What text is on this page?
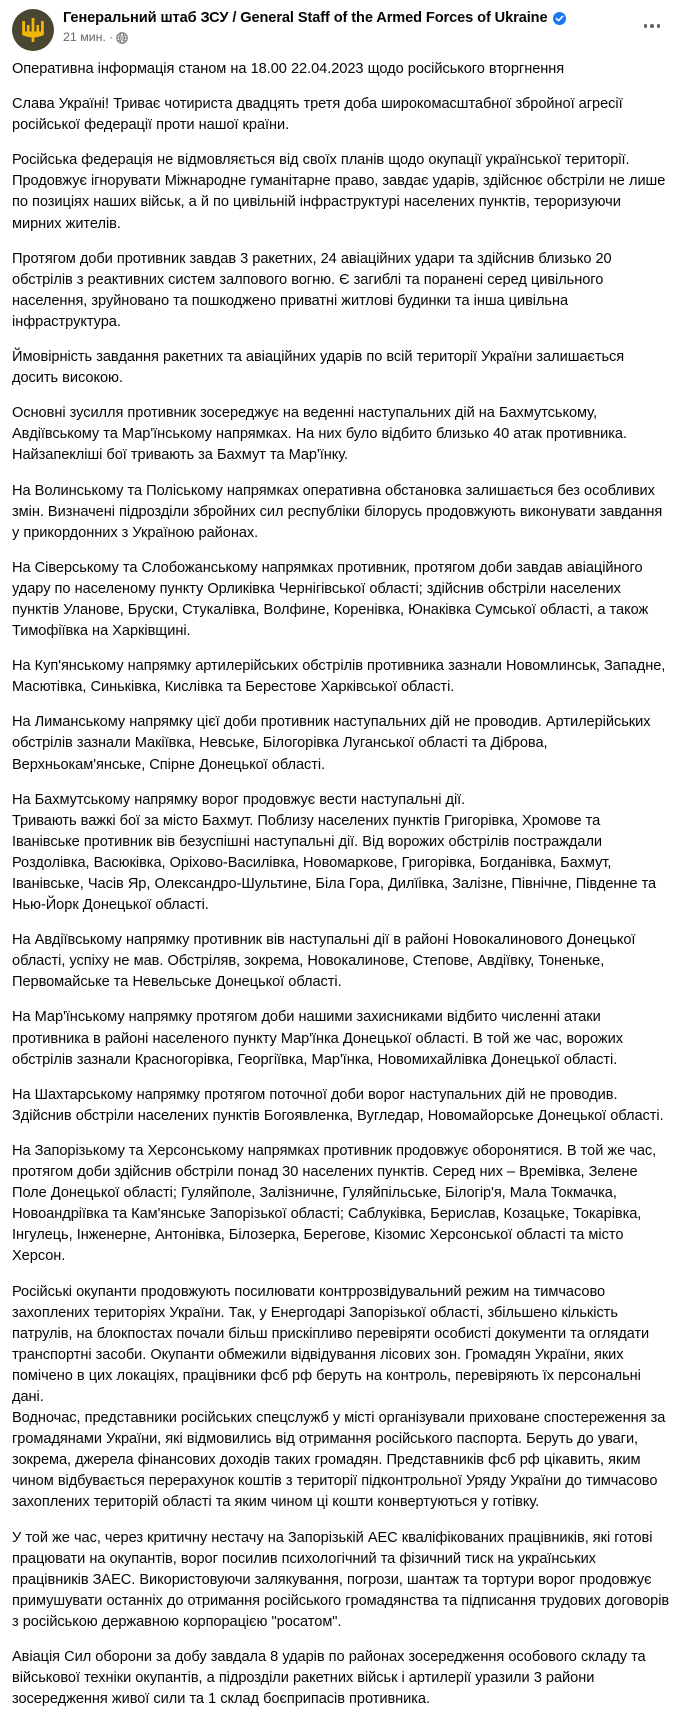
Генеральний штаб ЗСУ / General Staff of the Armed Forces of Ukraine
21 мин. ·

Оперативна інформація станом на 18.00 22.04.2023 щодо російського вторгнення

Слава Україні! Триває чотириста двадцять третя доба широкомасштабної збройної агресії російської федерації проти нашої країни.

Російська федерація не відмовляється від своїх планів щодо окупації української території. Продовжує ігнорувати Міжнародне гуманітарне право, завдає ударів, здійснює обстріли не лише по позиціях наших військ, а й по цивільній інфраструктурі населених пунктів, тероризуючи мирних жителів.

Протягом доби противник завдав 3 ракетних, 24 авіаційних удари та здійснив близько 20 обстрілів з реактивних систем залпового вогню. Є загиблі та поранені серед цивільного населення, зруйновано та пошкоджено приватні житлові будинки та інша цивільна інфраструктура.

Ймовірність завдання ракетних та авіаційних ударів по всій території України залишається досить високою.

Основні зусилля противник зосереджує на веденні наступальних дій на Бахмутському, Авдіївському та Мар'їнському напрямках. На них було відбито близько 40 атак противника. Найзапекліші бої тривають за Бахмут та Мар'їнку.

На Волинському та Поліському напрямках оперативна обстановка залишається без особливих змін. Визначені підрозділи збройних сил республіки білорусь продовжують виконувати завдання у прикордонних з Україною районах.

На Сіверському та Слобожанському напрямках противник, протягом доби завдав авіаційного удару по населеному пункту Орликівка Чернігівської області; здійснив обстріли населених пунктів Уланове, Бруски, Стукалівка, Волфине, Коренівка, Юнаківка Сумської області, а також Тимофіївка на Харківщині.

На Куп'янському напрямку артилерійських обстрілів противника зазнали Новомлинськ, Западне, Масютівка, Синьківка, Кислівка та Берестове Харківської області.

На Лиманському напрямку цієї доби противник наступальних дій не проводив. Артилерійських обстрілів зазнали Макіївка, Невське, Білогорівка Луганської області та Діброва, Верхньокам'янське, Спірне Донецької області.

На Бахмутському напрямку ворог продовжує вести наступальні дії.

Тривають важкі бої за місто Бахмут. Поблизу населених пунктів Григорівка, Хромове та Іванівське противник вів безуспішні наступальні дії. Від ворожих обстрілів постраждали Роздолівка, Васюківка, Оріхово-Василівка, Новомаркове, Григорівка, Богданівка, Бахмут, Іванівське, Часів Яр, Олександро-Шультине, Біла Гора, Дилїівка, Залізне, Північне, Південне та Нью-Йорк Донецької області.

На Авдіївському напрямку противник вів наступальні дії в районі Новокалинового Донецької області, успіху не мав. Обстріляв, зокрема, Новокалинове, Степове, Авдіївку, Тоненьке, Первомайське та Невельське Донецької області.

На Мар'їнському напрямку протягом доби нашими захисниками відбито численні атаки противника в районі населеного пункту Мар'їнка Донецької області. В той же час, ворожих обстрілів зазнали Красногорівка, Георгіївка, Мар'їнка, Новомихайлівка Донецької області.

На Шахтарському напрямку протягом поточної доби ворог наступальних дій не проводив. Здійснив обстріли населених пунктів Богоявленка, Вугледар, Новомайорське Донецької області.

На Запорізькому та Херсонському напрямках противник продовжує оборонятися. В той же час, протягом доби здійснив обстріли понад 30 населених пунктів. Серед них – Времівка, Зелене Поле Донецької області; Гуляйполе, Залізничне, Гуляйпільське, Білогір'я, Мала Токмачка, Новоандріївка та Кам'янське Запорізької області; Саблуківка, Берислав, Козацьке, Токарівка, Інгулець, Інженерне, Антонівка, Білозерка, Берегове, Кізомис Херсонської області та місто Херсон.

Російські окупанти продовжують посилювати контррозвідувальний режим на тимчасово захоплених територіях України. Так, у Енергодарі Запорізької області, збільшено кількість патрулів, на блокпостах почали більш прискіпливо перевіряти особисті документи та оглядати транспортні засоби. Окупанти обмежили відвідування лісових зон. Громадян України, яких помічено в цих локаціях, працівники фсб рф беруть на контроль, перевіряють їх персональні дані.

Водночас, представники російських спецслужб у місті організували приховане спостереження за громадянами України, які відмовились від отримання російського паспорта. Беруть до уваги, зокрема, джерела фінансових доходів таких громадян. Представників фсб рф цікавить, яким чином відбувається перерахунок коштів з території підконтрольної Уряду України до тимчасово захоплених територій області та яким чином ці кошти конвертуються у готівку.

У той же час, через критичну нестачу на Запорізькій АЕС кваліфікованих працівників, які готові працювати на окупантів, ворог посилив психологічний та фізичний тиск на українських працівників ЗАЕС. Використовуючи залякування, погрози, шантаж та тортури ворог продовжує примушувати останніх до отримання російського громадянства та підписання трудових договорів з російською державною корпорацією "росатом".

Авіація Сил оборони за добу завдала 8 ударів по районах зосередження особового складу та військової техніки окупантів, а підрозділи ракетних військ і артилерії уразили 3 райони зосередження живої сили та 1 склад боєприпасів противника.
